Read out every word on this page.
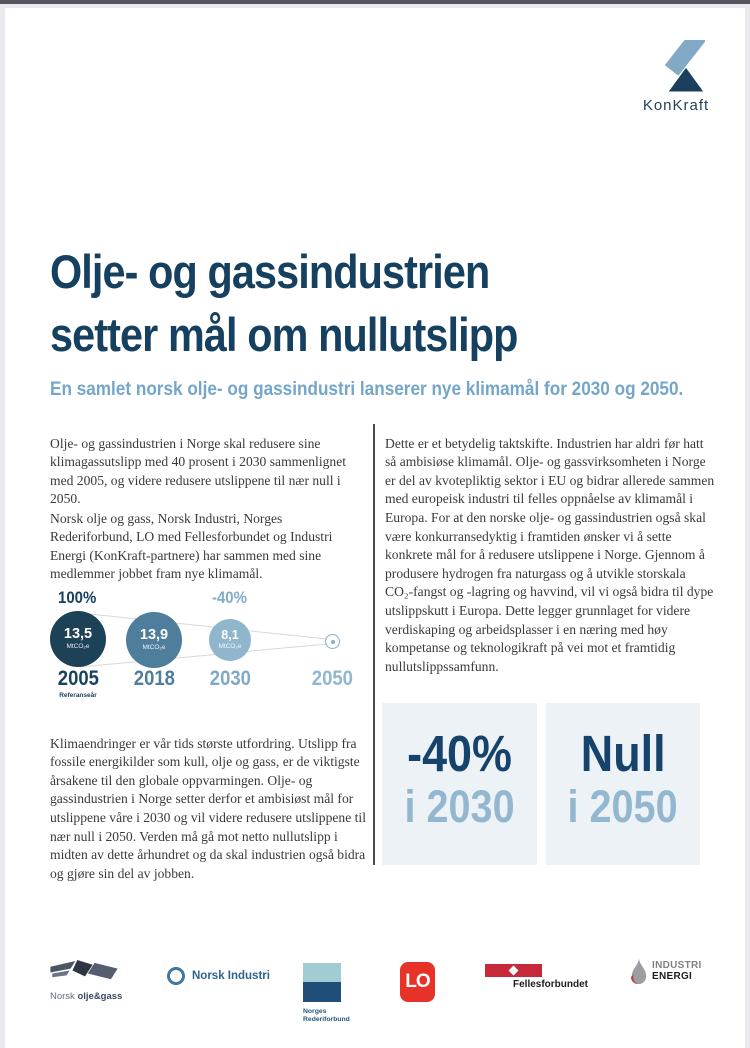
KonKraft
Olje- og gassindustrien
setter mål om nullutslipp
En samlet norsk olje- og gassindustri lanserer nye klimamål for 2030 og 2050.

Olje- og gassindustrien i Norge skal redusere sine klimagassutslipp med 40 prosent i 2030 sammenlignet med 2005, og videre redusere utslippene til nær null i 2050.

Norsk olje og gass, Norsk Industri, Norges Rederiforbund, LO med Fellesforbundet og Industri Energi (KonKraft-partnere) har sammen med sine medlemmer jobbet fram nye klimamål.

Klimaendringer er vår tids største utfordring. Utslipp fra fossile energikilder som kull, olje og gass, er de viktigste årsakene til den globale oppvarmingen. Olje- og gassindustrien i Norge setter derfor et ambisiøst mål for utslippene våre i 2030 og vil videre redusere utslippene til nær null i 2050. Verden må gå mot netto nullutslipp i midten av dette århundret og da skal industrien også bidra og gjøre sin del av jobben.

Dette er et betydelig taktskifte. Industrien har aldri før hatt så ambisiøse klimamål. Olje- og gassvirksomheten i Norge er del av kvotepliktig sektor i EU og bidrar allerede sammen med europeisk industri til felles oppnåelse av klimamål i Europa. For at den norske olje- og gassindustrien også skal være konkurransedyktig i framtiden ønsker vi å sette konkrete mål for å redusere utslippene i Norge. Gjennom å produsere hydrogen fra naturgass og å utvikle storskala CO₂-fangst og -lagring og havvind, vil vi også bidra til dype utslippskutt i Europa. Dette legger grunnlaget for videre verdiskaping og arbeidsplasser i en næring med høy kompetanse og teknologikraft på vei mot et framtidig nullutslippssamfunn.

100%	-40%
13,5
MtCO₂e
13,9
MtCO₂e
8,1
MtCO₂e
2005	2018	2030	2050
Referanseår
-40%
i 2030
Null
i 2050
Norsk olje&gass
Norsk Industri
Norges
Rederiforbund
LO	Fellesforbundet
INDUSTRI
ENERGI
